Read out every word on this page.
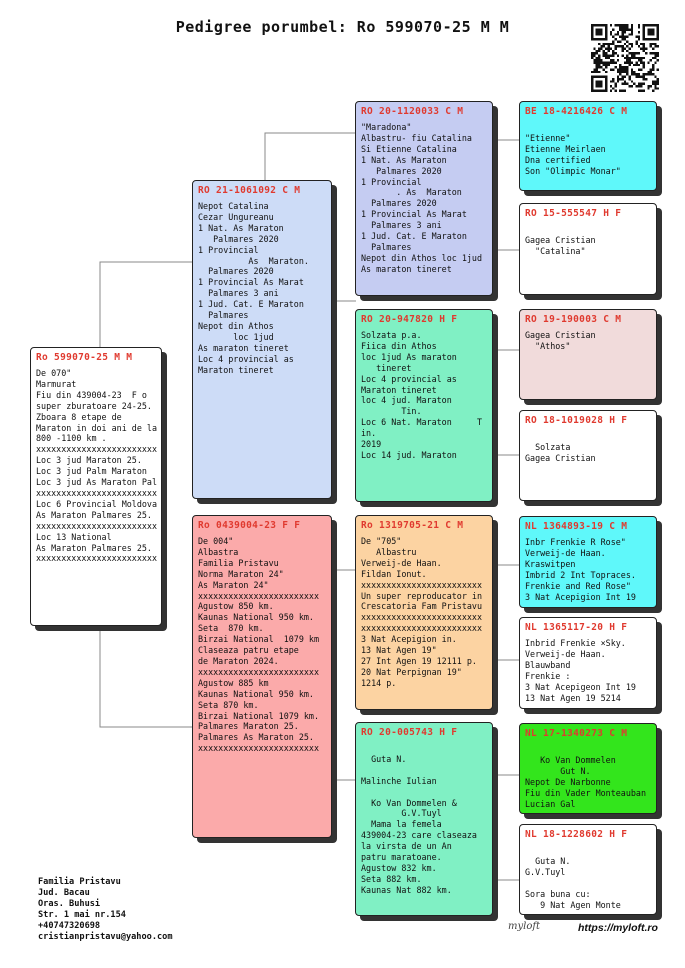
Pedigree porumbel: Ro 599070-25 M M
Ro 599070-25 M M
De 070"
Marmurat
Fiu din 439004-23  F o
super zburatoare 24-25.
Zboara 8 etape de
Maraton in doi ani de la
800 -1100 km .
xxxxxxxxxxxxxxxxxxxxxxxx
Loc 3 jud Maraton 25.
Loc 3 jud Palm Maraton
Loc 3 jud As Maraton Pal
xxxxxxxxxxxxxxxxxxxxxxxx
Loc 6 Provincial Moldova
As Maraton Palmares 25.
xxxxxxxxxxxxxxxxxxxxxxxx
Loc 13 National
As Maraton Palmares 25.
xxxxxxxxxxxxxxxxxxxxxxxx
RO 21-1061092 C M
Nepot Catalina
Cezar Ungureanu
1 Nat. As Maraton
Palmares 2020
1 Provincial
As  Maraton.
Palmares 2020
1 Provincial As Marat
Palmares 3 ani
1 Jud. Cat. E Maraton
Palmares
Nepot din Athos
loc 1jud
As maraton tineret
Loc 4 provincial as
Maraton tineret
Ro 0439004-23 F F
De 004"
Albastra
Familia Pristavu
Norma Maraton 24"
As Maraton 24"
xxxxxxxxxxxxxxxxxxxxxxxx
Agustow 850 km.
Kaunas National 950 km.
Seta  870 km.
Birzai National  1079 km
Claseaza patru etape
de Maraton 2024.
xxxxxxxxxxxxxxxxxxxxxxxx
Agustow 885 km
Kaunas National 950 km.
Seta 870 km.
Birzai National 1079 km.
Palmares Maraton 25.
Palmares As Maraton 25.
xxxxxxxxxxxxxxxxxxxxxxxx
RO 20-1120033 C M
"Maradona"
Albastru- fiu Catalina
Si Etienne Catalina
1 Nat. As Maraton
Palmares 2020
1 Provincial
. As  Maraton
Palmares 2020
1 Provincial As Marat
Palmares 3 ani
1 Jud. Cat. E Maraton
Palmares
Nepot din Athos loc 1jud
As maraton tineret
RO 20-947820 H F
Solzata p.a.
Fiica din Athos
loc 1jud As maraton
tineret
Loc 4 provincial as
Maraton tineret
loc 4 jud. Maraton
Tin.
Loc 6 Nat. Maraton     T
in.
2019
Loc 14 jud. Maraton
Ro 1319705-21 C M
De "705"
Albastru
Verweij-de Haan.
Fildan Ionut.
xxxxxxxxxxxxxxxxxxxxxxxx
Un super reproducator in
Crescatoria Fam Pristavu
xxxxxxxxxxxxxxxxxxxxxxxx
xxxxxxxxxxxxxxxxxxxxxxxx
3 Nat Acepigion in.
13 Nat Agen 19"
27 Int Agen 19 12111 p.
20 Nat Perpignan 19"
1214 p.
RO 20-005743 H F

Guta N.

Malinche Iulian

Ko Van Dommelen &
G.V.Tuyl
Mama la femela
439004-23 care claseaza
la virsta de un An
patru maratoane.
Agustow 832 km.
Seta 882 km.
Kaunas Nat 882 km.
BE 18-4216426 C M

"Etienne"
Etienne Meirlaen
Dna certified
Son "Olimpic Monar"
RO 15-555547 H F

Gagea Cristian
"Catalina"
RO 19-190003 C M
Gagea Cristian
"Athos"
RO 18-1019028 H F

Solzata
Gagea Cristian
NL 1364893-19 C M
Inbr Frenkie R Rose"
Verweij-de Haan.
Kraswitpen
Imbrid 2 Int Topraces.
Frenkie and Red Rose"
3 Nat Acepigion Int 19
NL 1365117-20 H F
Inbrid Frenkie ×Sky.
Verweij-de Haan.
Blauwband
Frenkie :
3 Nat Acepigeon Int 19
13 Nat Agen 19 5214
NL 17-1340273 C M

Ko Van Dommelen
Gut N.
Nepot De Narbonne
Fiu din Vader Monteauban
Lucian Gal
NL 18-1228602 H F

Guta N.
G.V.Tuyl

Sora buna cu:
9 Nat Agen Monte
Familia Pristavu
Jud. Bacau
Oras. Buhusi
Str. 1 mai nr.154
+40747320698
cristianpristavu@yahoo.com
myloft	https://myloft.ro
